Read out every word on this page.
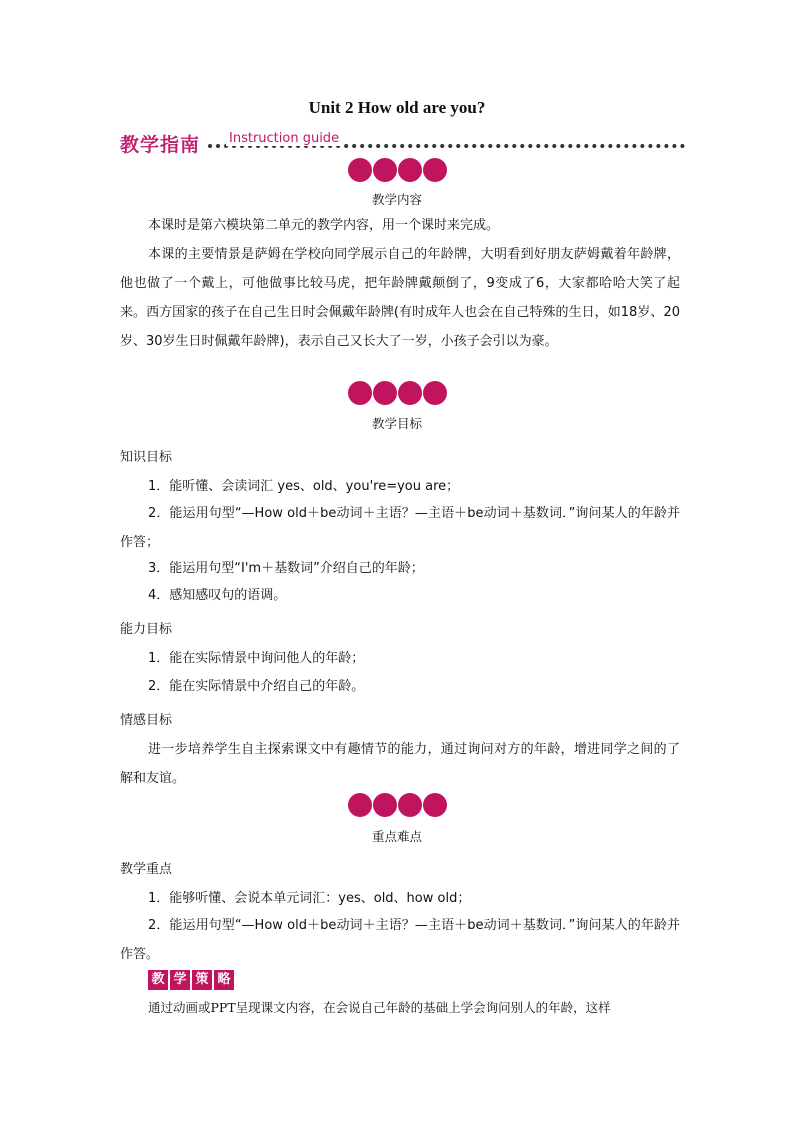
Unit 2 How old are you?
教学指南	Instruction guide
教学内容
本课时是第六模块第二单元的教学内容，用一个课时来完成。
本课的主要情景是萨姆在学校向同学展示自己的年龄牌，大明看到好朋友萨姆戴着年龄牌，他也做了一个戴上，可他做事比较马虎，把年龄牌戴颠倒了，9变成了6，大家都哈哈大笑了起来。西方国家的孩子在自己生日时会佩戴年龄牌(有时成年人也会在自己特殊的生日，如18岁、20岁、30岁生日时佩戴年龄牌)，表示自己又长大了一岁，小孩子会引以为豪。
教学目标
知识目标
1．能听懂、会读词汇 yes、old、you're=you are；
2．能运用句型“—How old＋be动词＋主语？—主语＋be动词＋基数词．”询问某人的年龄并作答；
3．能运用句型“I'm＋基数词”介绍自己的年龄；
4．感知感叹句的语调。
能力目标
1．能在实际情景中询问他人的年龄；
2．能在实际情景中介绍自己的年龄。
情感目标
进一步培养学生自主探索课文中有趣情节的能力，通过询问对方的年龄，增进同学之间的了解和友谊。
重点难点
教学重点
1．能够听懂、会说本单元词汇：yes、old、how old；
2．能运用句型“—How old＋be动词＋主语？—主语＋be动词＋基数词．”询问某人的年龄并作答。
教 学 策 略
通过动画或PPT呈现课文内容，在会说自己年龄的基础上学会询问别人的年龄，这样
